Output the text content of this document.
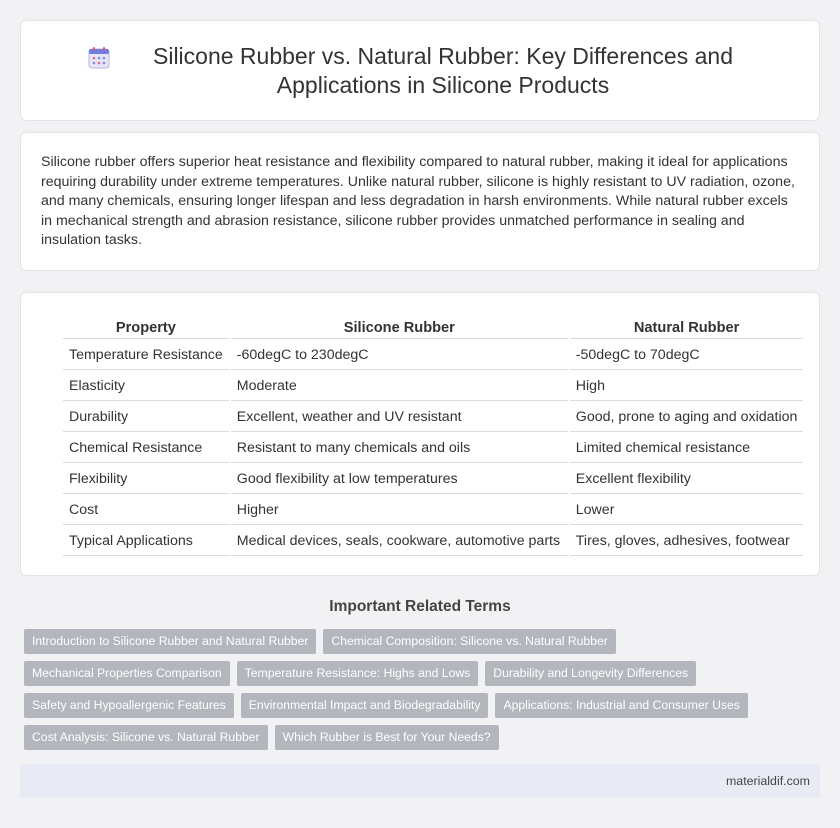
Silicone Rubber vs. Natural Rubber: Key Differences and Applications in Silicone Products

Silicone rubber offers superior heat resistance and flexibility compared to natural rubber, making it ideal for applications requiring durability under extreme temperatures. Unlike natural rubber, silicone is highly resistant to UV radiation, ozone, and many chemicals, ensuring longer lifespan and less degradation in harsh environments. While natural rubber excels in mechanical strength and abrasion resistance, silicone rubber provides unmatched performance in sealing and insulation tasks.

Property	Silicone Rubber	Natural Rubber
Temperature Resistance	-60degC to 230degC	-50degC to 70degC
Elasticity	Moderate	High
Durability	Excellent, weather and UV resistant	Good, prone to aging and oxidation
Chemical Resistance	Resistant to many chemicals and oils	Limited chemical resistance
Flexibility	Good flexibility at low temperatures	Excellent flexibility
Cost	Higher	Lower
Typical Applications	Medical devices, seals, cookware, automotive parts	Tires, gloves, adhesives, footwear
Important Related Terms
Introduction to Silicone Rubber and Natural Rubber	Chemical Composition: Silicone vs. Natural Rubber
Mechanical Properties Comparison	Temperature Resistance: Highs and Lows	Durability and Longevity Differences
Safety and Hypoallergenic Features	Environmental Impact and Biodegradability	Applications: Industrial and Consumer Uses
Cost Analysis: Silicone vs. Natural Rubber	Which Rubber is Best for Your Needs?
materialdif.com
